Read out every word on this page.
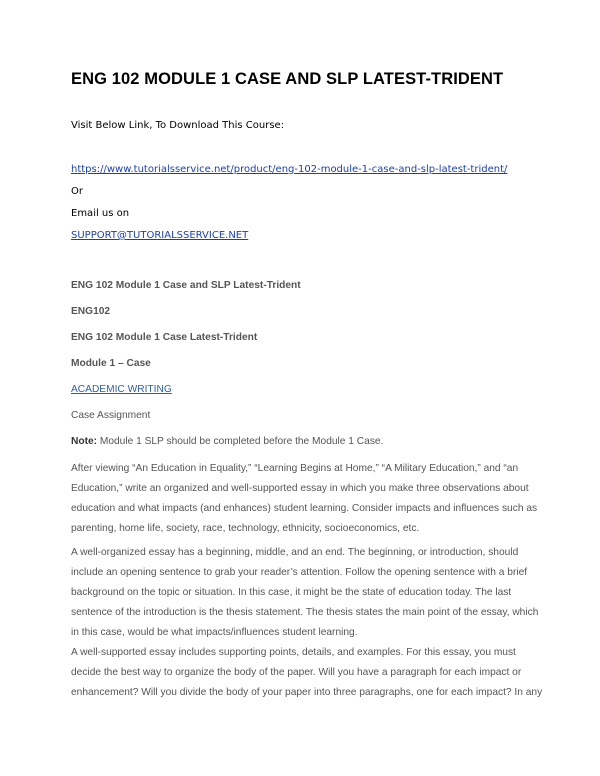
ENG 102 MODULE 1 CASE AND SLP LATEST-TRIDENT
Visit Below Link, To Download This Course:
https://www.tutorialsservice.net/product/eng-102-module-1-case-and-slp-latest-trident/
Or
Email us on
SUPPORT@TUTORIALSSERVICE.NET
ENG 102 Module 1 Case and SLP Latest-Trident
ENG102
ENG 102 Module 1 Case Latest-Trident
Module 1 – Case
ACADEMIC WRITING
Case Assignment
Note: Module 1 SLP should be completed before the Module 1 Case.
After viewing “An Education in Equality,” “Learning Begins at Home,” “A Military Education,” and “an
Education,” write an organized and well-supported essay in which you make three observations about
education and what impacts (and enhances) student learning. Consider impacts and influences such as
parenting, home life, society, race, technology, ethnicity, socioeconomics, etc.
A well-organized essay has a beginning, middle, and an end. The beginning, or introduction, should
include an opening sentence to grab your reader’s attention. Follow the opening sentence with a brief
background on the topic or situation. In this case, it might be the state of education today. The last
sentence of the introduction is the thesis statement. The thesis states the main point of the essay, which
in this case, would be what impacts/influences student learning.
A well-supported essay includes supporting points, details, and examples. For this essay, you must
decide the best way to organize the body of the paper. Will you have a paragraph for each impact or
enhancement? Will you divide the body of your paper into three paragraphs, one for each impact? In any
